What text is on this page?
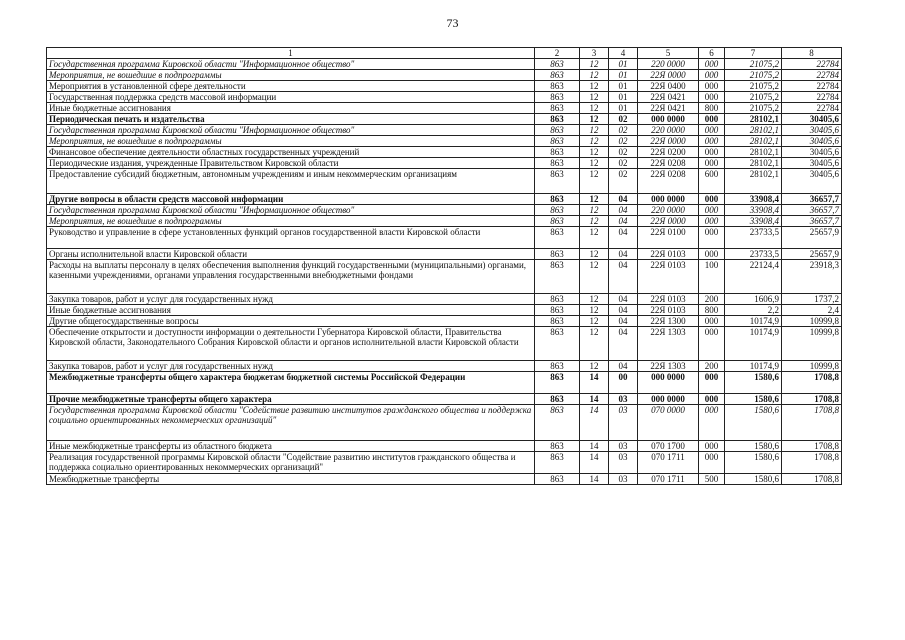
73
1	2	3	4	5	6	7	8
Государственная программа Кировской области "Информационное общество"	863	12	01	220 0000	000	21075,2	22784
Мероприятия, не вошедшие в подпрограммы	863	12	01	22Я 0000	000	21075,2	22784
Мероприятия в установленной сфере деятельности	863	12	01	22Я 0400	000	21075,2	22784
Государственная поддержка средств массовой информации	863	12	01	22Я 0421	000	21075,2	22784
Иные бюджетные ассигнования	863	12	01	22Я 0421	800	21075,2	22784
Периодическая печать и издательства	863	12	02	000 0000	000	28102,1	30405,6
Государственная программа Кировской области "Информационное общество"	863	12	02	220 0000	000	28102,1	30405,6
Мероприятия, не вошедшие в подпрограммы	863	12	02	22Я 0000	000	28102,1	30405,6
Финансовое обеспечение деятельности областных государственных учреждений	863	12	02	22Я 0200	000	28102,1	30405,6
Периодические издания, учрежденные Правительством Кировской области	863	12	02	22Я 0208	000	28102,1	30405,6
Предоставление субсидий бюджетным, автономным учреждениям и иным некоммерческим организациям	863	12	02	22Я 0208	600	28102,1	30405,6
Другие вопросы в области средств массовой информации	863	12	04	000 0000	000	33908,4	36657,7
Государственная программа Кировской области "Информационное общество"	863	12	04	220 0000	000	33908,4	36657,7
Мероприятия, не вошедшие в подпрограммы	863	12	04	22Я 0000	000	33908,4	36657,7
Руководство и управление в сфере установленных функций органов государственной власти Кировской области	863	12	04	22Я 0100	000	23733,5	25657,9
Органы исполнительной власти Кировской области	863	12	04	22Я 0103	000	23733,5	25657,9
Расходы на выплаты персоналу в целях обеспечения выполнения функций государственными (муниципальными) органами, казенными учреждениями, органами управления государственными внебюджетными фондами	863	12	04	22Я 0103	100	22124,4	23918,3
Закупка товаров, работ и услуг для государственных нужд	863	12	04	22Я 0103	200	1606,9	1737,2
Иные бюджетные ассигнования	863	12	04	22Я 0103	800	2,2	2,4
Другие общегосударственные вопросы	863	12	04	22Я 1300	000	10174,9	10999,8
Обеспечение открытости и доступности информации о деятельности Губернатора Кировской области, Правительства Кировской области, Законодательного Собрания Кировской области и органов исполнительной власти Кировской области	863	12	04	22Я 1303	000	10174,9	10999,8
Закупка товаров, работ и услуг для государственных нужд	863	12	04	22Я 1303	200	10174,9	10999,8
Межбюджетные трансферты общего характера бюджетам бюджетной системы Российской Федерации	863	14	00	000 0000	000	1580,6	1708,8
Прочие межбюджетные трансферты общего характера	863	14	03	000 0000	000	1580,6	1708,8
Государственная программа Кировской области "Содействие развитию институтов гражданского общества и поддержка социально ориентированных некоммерческих организаций"	863	14	03	070 0000	000	1580,6	1708,8
Иные межбюджетные трансферты из областного бюджета	863	14	03	070 1700	000	1580,6	1708,8
Реализация государственной программы Кировской области "Содействие развитию институтов гражданского общества и поддержка социально ориентированных некоммерческих организаций"	863	14	03	070 1711	000	1580,6	1708,8
Межбюджетные трансферты	863	14	03	070 1711	500	1580,6	1708,8
